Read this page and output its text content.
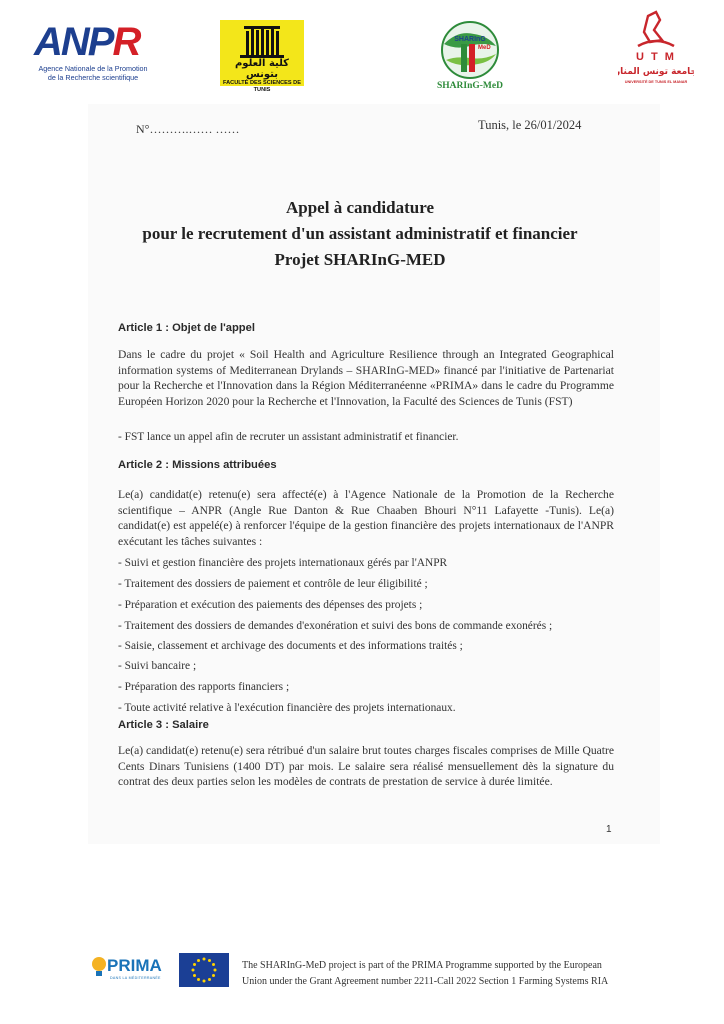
ANPR
Agence Nationale de la Promotion
de la Recherche scientifique
كلية العلوم بتونس
FACULTÉ DES SCIENCES DE TUNIS
SHARInG
MeD
SHARInG-MeD
U T M
جامعة تونس المنار
UNIVERSITÉ DE TUNIS EL MANAR
N°……….…… ……	Tunis, le 26/01/2024
Appel à candidature
pour le recrutement d'un assistant administratif et financier
Projet SHARInG-MED
Article 1 : Objet de l'appel
Dans le cadre du projet « Soil Health and Agriculture Resilience through an Integrated Geographical information systems of Mediterranean Drylands – SHARInG-MED» financé par l'initiative de Partenariat pour la Recherche et l'Innovation dans la Région Méditerranéenne «PRIMA» dans le cadre du Programme Européen Horizon 2020 pour la Recherche et l'Innovation, la Faculté des Sciences de Tunis (FST)
- FST lance un appel afin de recruter un assistant administratif et financier.
Article 2 : Missions attribuées
Le(a) candidat(e) retenu(e) sera affecté(e) à l'Agence Nationale de la Promotion de la Recherche scientifique – ANPR (Angle Rue Danton & Rue Chaaben Bhouri N°11 Lafayette -Tunis). Le(a) candidat(e) est appelé(e) à renforcer l'équipe de la gestion financière des projets internationaux de l'ANPR exécutant les tâches suivantes :
- Suivi et gestion financière des projets internationaux gérés par l'ANPR
- Traitement des dossiers de paiement et contrôle de leur éligibilité ;
- Préparation et exécution des paiements des dépenses des projets ;
- Traitement des dossiers de demandes d'exonération et suivi des bons de commande exonérés ;
- Saisie, classement et archivage des documents et des informations traités ;
- Suivi bancaire ;
- Préparation des rapports financiers ;
- Toute activité relative à l'exécution financière des projets internationaux.
Article 3 : Salaire
Le(a) candidat(e) retenu(e) sera rétribué d'un salaire brut toutes charges fiscales comprises de Mille Quatre Cents Dinars Tunisiens (1400 DT) par mois. Le salaire sera réalisé mensuellement dès la signature du contrat des deux parties selon les modèles de contrats de prestation de service à durée limitée.
1
PRIMA
DANS LA MÉDITERRANÉE
The SHARInG-MeD project is part of the PRIMA Programme supported by the European
Union under the Grant Agreement number 2211-Call 2022 Section 1 Farming Systems RIA
